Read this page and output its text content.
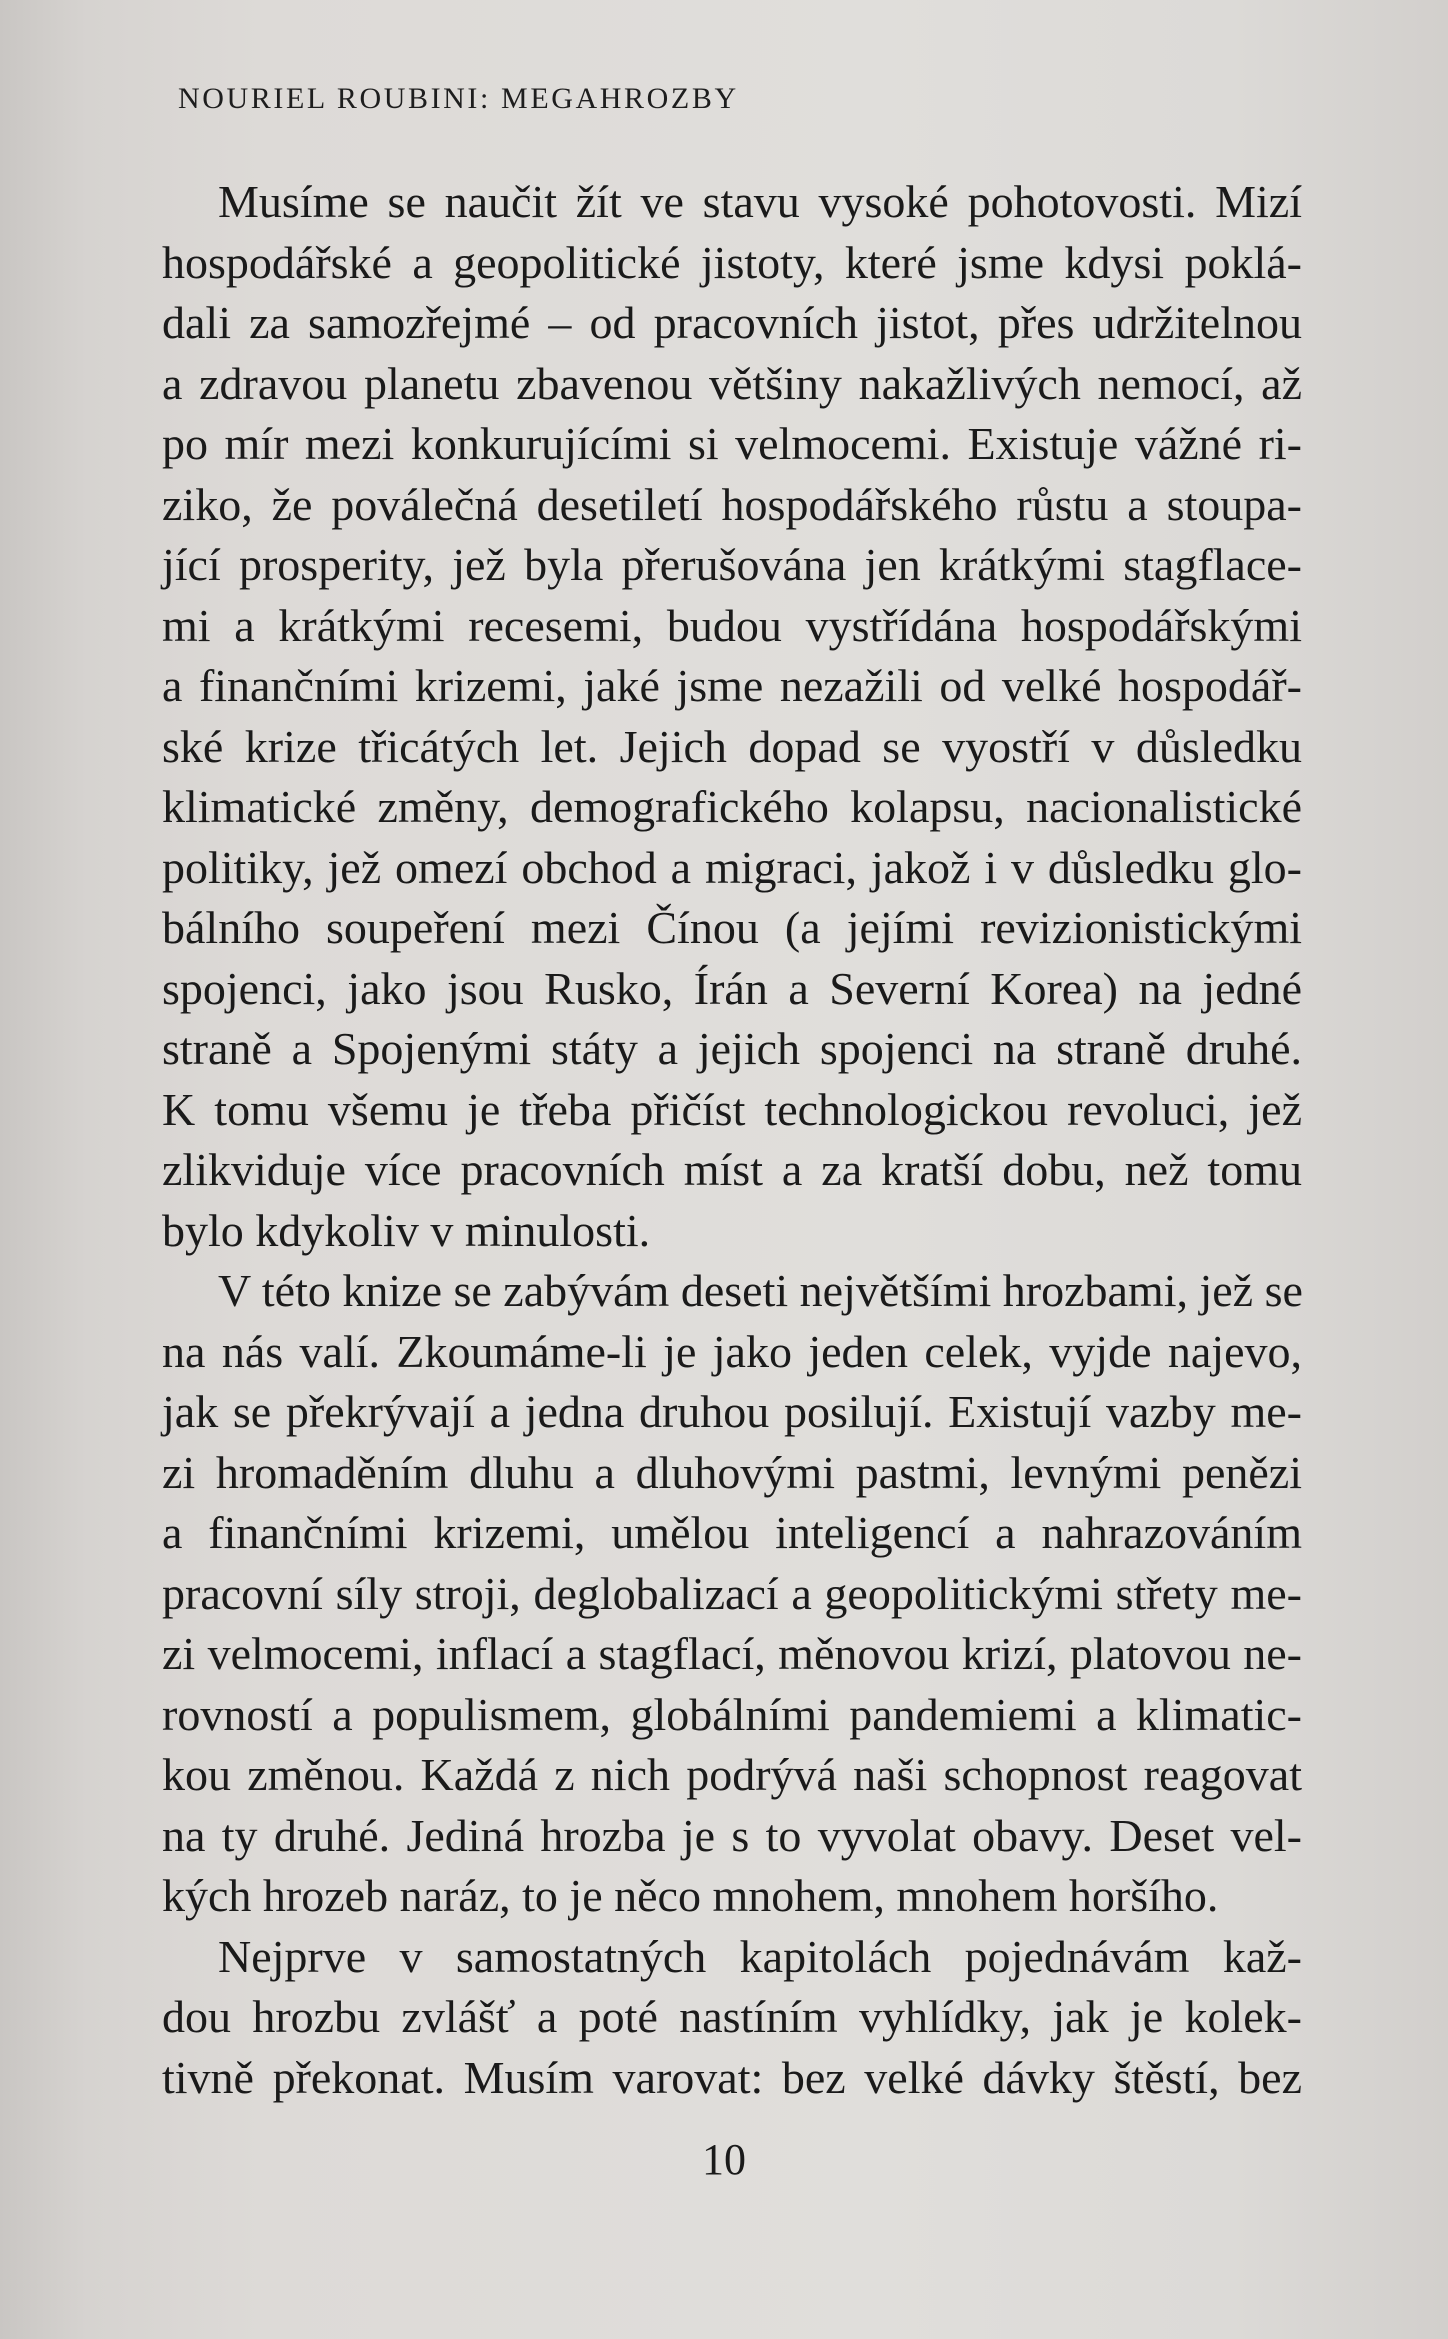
NOURIEL ROUBINI: MEGAHROZBY
Musíme se naučit žít ve stavu vysoké pohotovosti. Mizí
hospodářské a geopolitické jistoty, které jsme kdysi poklá-
dali za samozřejmé – od pracovních jistot, přes udržitelnou
a zdravou planetu zbavenou většiny nakažlivých nemocí, až
po mír mezi konkurujícími si velmocemi. Existuje vážné ri-
ziko, že poválečná desetiletí hospodářského růstu a stoupa-
jící prosperity, jež byla přerušována jen krátkými stagflace-
mi a krátkými recesemi, budou vystřídána hospodářskými
a finančními krizemi, jaké jsme nezažili od velké hospodář-
ské krize třicátých let. Jejich dopad se vyostří v důsledku
klimatické změny, demografického kolapsu, nacionalistické
politiky, jež omezí obchod a migraci, jakož i v důsledku glo-
bálního soupeření mezi Čínou (a jejími revizionistickými
spojenci, jako jsou Rusko, Írán a Severní Korea) na jedné
straně a Spojenými státy a jejich spojenci na straně druhé.
K tomu všemu je třeba přičíst technologickou revoluci, jež
zlikviduje více pracovních míst a za kratší dobu, než tomu
bylo kdykoliv v minulosti.
V této knize se zabývám deseti největšími hrozbami, jež se
na nás valí. Zkoumáme-li je jako jeden celek, vyjde najevo,
jak se překrývají a jedna druhou posilují. Existují vazby me-
zi hromaděním dluhu a dluhovými pastmi, levnými penězi
a finančními krizemi, umělou inteligencí a nahrazováním
pracovní síly stroji, deglobalizací a geopolitickými střety me-
zi velmocemi, inflací a stagflací, měnovou krizí, platovou ne-
rovností a populismem, globálními pandemiemi a klimatic-
kou změnou. Každá z nich podrývá naši schopnost reagovat
na ty druhé. Jediná hrozba je s to vyvolat obavy. Deset vel-
kých hrozeb naráz, to je něco mnohem, mnohem horšího.
Nejprve v samostatných kapitolách pojednávám kaž-
dou hrozbu zvlášť a poté nastíním vyhlídky, jak je kolek-
tivně překonat. Musím varovat: bez velké dávky štěstí, bez
10
